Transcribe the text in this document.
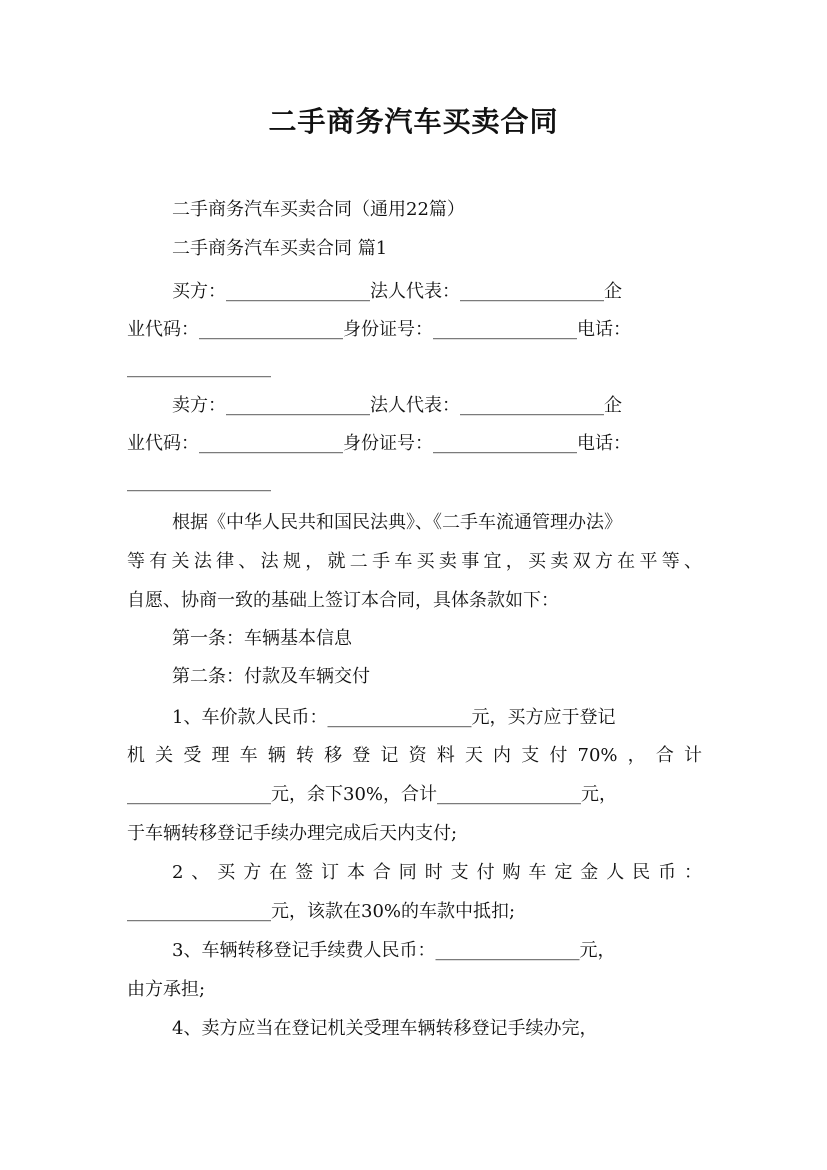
二手商务汽车买卖合同
二手商务汽车买卖合同（通用22篇）
二手商务汽车买卖合同 篇1
买方：________________法人代表：________________企
业代码：________________身份证号：________________电话：
________________
卖方：________________法人代表：________________企
业代码：________________身份证号：________________电话：
________________
根据《中华人民共和国民法典》、《二手车流通管理办法》
等有关法律、法规，就二手车买卖事宜，买卖双方在平等、
自愿、协商一致的基础上签订本合同，具体条款如下：
第一条：车辆基本信息
第二条：付款及车辆交付
1、车价款人民币：________________元，买方应于登记
机关受理车辆转移登记资料天内支付70%，合计
________________元，余下30%，合计________________元，
于车辆转移登记手续办理完成后天内支付;
2、买方在签订本合同时支付购车定金人民币：
________________元，该款在30%的车款中抵扣;
3、车辆转移登记手续费人民币：________________元，
由方承担;
4、卖方应当在登记机关受理车辆转移登记手续办完，
